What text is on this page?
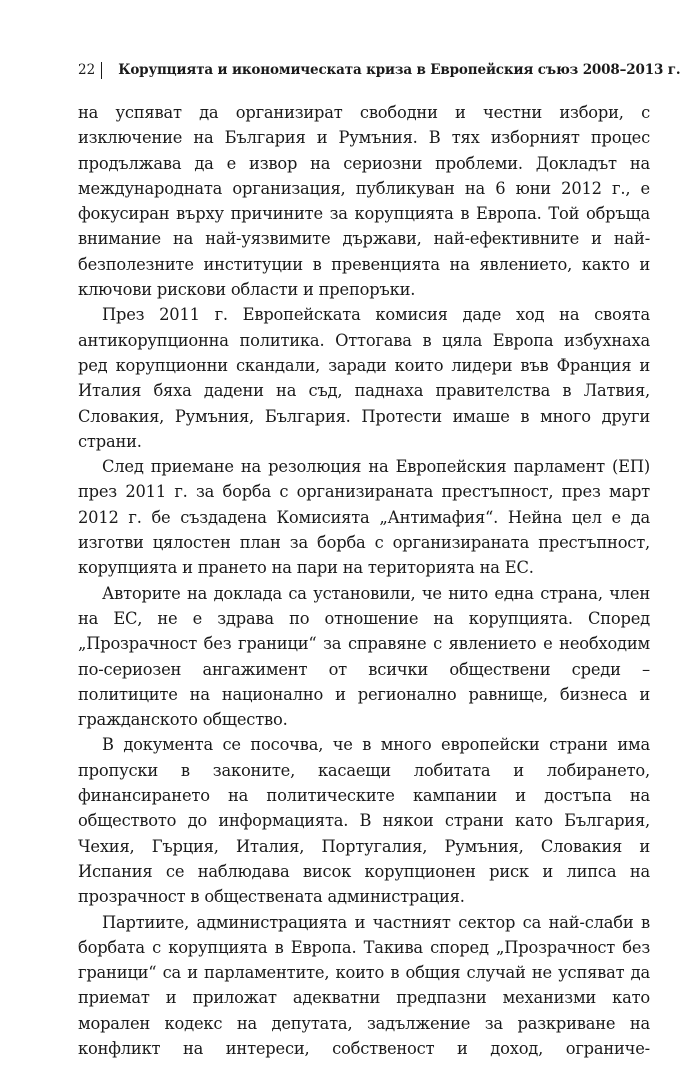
22	Корупцията и икономическата криза в Европейския съюз 2008–2013 г.

на успяват да организират свободни и честни избори, с изключение на България и Румъния. В тях изборният процес продължава да е извор на сериозни проблеми. Докладът на международната организация, публикуван на 6 юни 2012 г., е фокусиран върху причините за корупцията в Европа. Той обръща внимание на най-уязвимите държави, най-ефективните и най-безполезните институции в превенцията на явлението, както и ключови рискови области и препоръки.

През 2011 г. Европейската комисия даде ход на своята антикорупционна политика. Оттогава в цяла Европа избухнаха ред корупционни скандали, заради които лидери във Франция и Италия бяха дадени на съд, паднаха правителства в Латвия, Словакия, Румъния, България. Протести имаше в много други страни.

След приемане на резолюция на Европейския парламент (ЕП) през 2011 г. за борба с организираната престъпност, през март 2012 г. бе създадена Комисията „Антимафия“. Нейна цел е да изготви цялостен план за борба с организираната престъпност, корупцията и прането на пари на територията на ЕС.

Авторите на доклада са установили, че нито една страна, член на ЕС, не е здрава по отношение на корупцията. Според „Прозрачност без граници“ за справяне с явлението е необходим по-сериозен ангажимент от всички обществени среди – политиците на национално и регионално равнище, бизнеса и гражданското общество.

В документа се посочва, че в много европейски страни има пропуски в законите, касаещи лобитата и лобирането, финансирането на политическите кампании и достъпа на обществото до информацията. В някои страни като България, Чехия, Гърция, Италия, Португалия, Румъния, Словакия и Испания се наблюдава висок корупционен риск и липса на прозрачност в обществената администрация.

Партиите, администрацията и частният сектор са най-слаби в борбата с корупцията в Европа. Такива според „Прозрачност без граници“ са и парламентите, които в общия случай не успяват да приемат и приложат адекватни предпазни механизми като морален кодекс на депутата, задължение за разкриване на конфликт на интереси, собственост и доход, ограниче-
